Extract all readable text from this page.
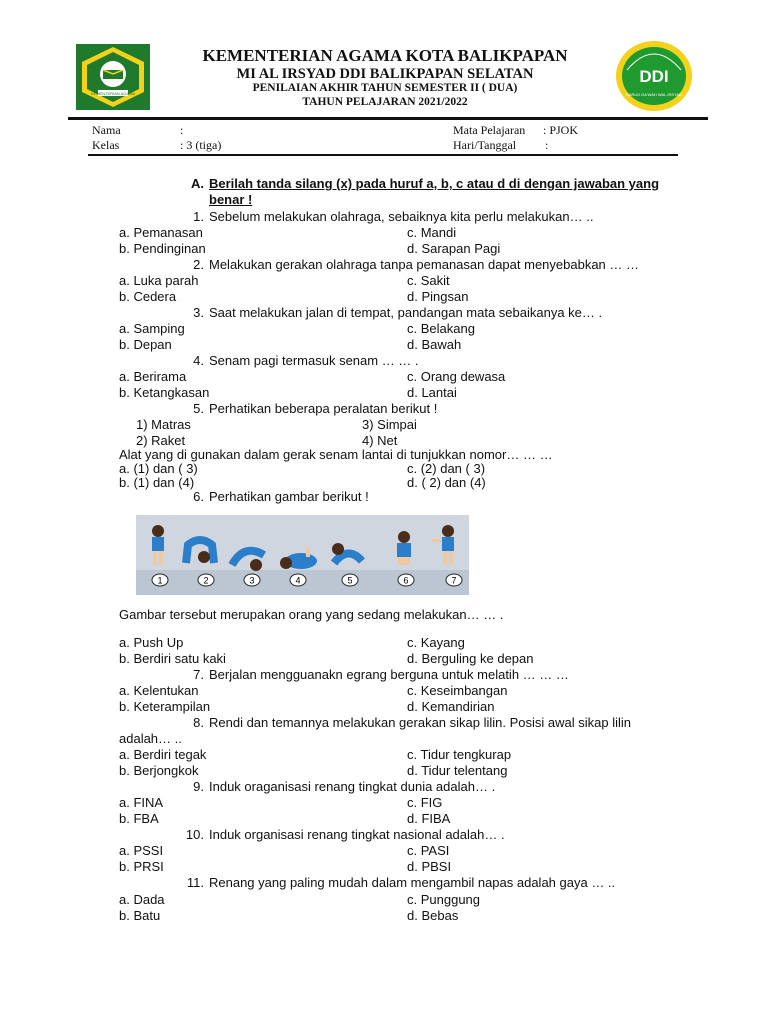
KEMENTERIAN AGAMA
KEMENTERIAN AGAMA KOTA BALIKPAPAN
MI AL IRSYAD DDI BALIKPAPAN SELATAN
PENILAIAN AKHIR TAHUN SEMESTER II ( DUA)
TAHUN PELAJARAN 2021/2022
DDI
DARUD DA'WAH WAL IRSYAD
Nama	:
Kelas	: 3 (tiga)
Mata Pelajaran : PJOK
Hari/Tanggal :
A. Berilah tanda silang (x) pada huruf a, b, c atau d di dengan jawaban yang
benar !
1. Sebelum melakukan olahraga, sebaiknya kita perlu melakukan… ..
a. Pemanasan	c. Mandi
b. Pendinginan	d. Sarapan Pagi
2. Melakukan gerakan olahraga tanpa pemanasan dapat menyebabkan … …
a. Luka parah	c. Sakit
b. Cedera	d. Pingsan
3. Saat melakukan jalan di tempat, pandangan mata sebaikanya ke… .
a. Samping	c. Belakang
b. Depan	d. Bawah
4. Senam pagi termasuk senam … … .
a. Berirama	c. Orang dewasa
b. Ketangkasan	d. Lantai
5. Perhatikan beberapa peralatan berikut !
1) Matras	3) Simpai
2) Raket	4) Net
Alat yang di gunakan dalam gerak senam lantai di tunjukkan nomor… … …
a. (1) dan ( 3)	c. (2) dan ( 3)
b. (1) dan (4)	d. ( 2) dan (4)
6. Perhatikan gambar berikut !
Gambar tersebut merupakan orang yang sedang melakukan… … .
a. Push Up	c. Kayang
b. Berdiri satu kaki	d. Berguling ke depan
7. Berjalan mengguanakn egrang berguna untuk melatih … … …
a. Kelentukan	c. Keseimbangan
b. Keterampilan	d. Kemandirian
8. Rendi dan temannya melakukan gerakan sikap lilin. Posisi awal sikap lilin
adalah… ..
a. Berdiri tegak	c. Tidur tengkurap
b. Berjongkok	d. Tidur telentang
9. Induk oraganisasi renang tingkat dunia adalah… .
a. FINA	c. FIG
b. FBA	d. FIBA
10. Induk organisasi renang tingkat nasional adalah… .
a. PSSI	c. PASI
b. PRSI	d. PBSI
11. Renang yang paling mudah dalam mengambil napas adalah gaya … ..
a. Dada	c. Punggung
b. Batu	d. Bebas
1	2	3	4	5	6	7
